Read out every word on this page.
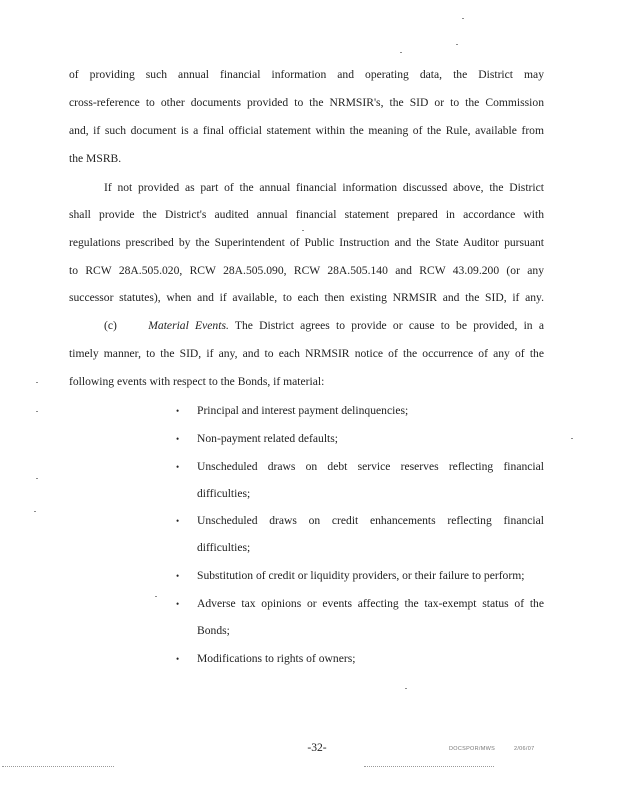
of providing such annual financial information and operating data, the District may
cross-reference to other documents provided to the NRMSIR's, the SID or to the Commission
and, if such document is a final official statement within the meaning of the Rule, available from
the MSRB.
If not provided as part of the annual financial information discussed above, the District
shall provide the District's audited annual financial statement prepared in accordance with
regulations prescribed by the Superintendent of Public Instruction and the State Auditor pursuant
to RCW 28A.505.020, RCW 28A.505.090, RCW 28A.505.140 and RCW 43.09.200 (or any
successor statutes), when and if available, to each then existing NRMSIR and the SID, if any.
(c)	Material Events. The District agrees to provide or cause to be provided, in a
timely manner, to the SID, if any, and to each NRMSIR notice of the occurrence of any of the
following events with respect to the Bonds, if material:
• Principal and interest payment delinquencies;
• Non-payment related defaults;
• Unscheduled draws on debt service reserves reflecting financial
difficulties;
• Unscheduled draws on credit enhancements reflecting financial
difficulties;
• Substitution of credit or liquidity providers, or their failure to perform;
• Adverse tax opinions or events affecting the tax-exempt status of the
Bonds;
• Modifications to rights of owners;
-32-	DOCSPOR/MWS	2/06/07
